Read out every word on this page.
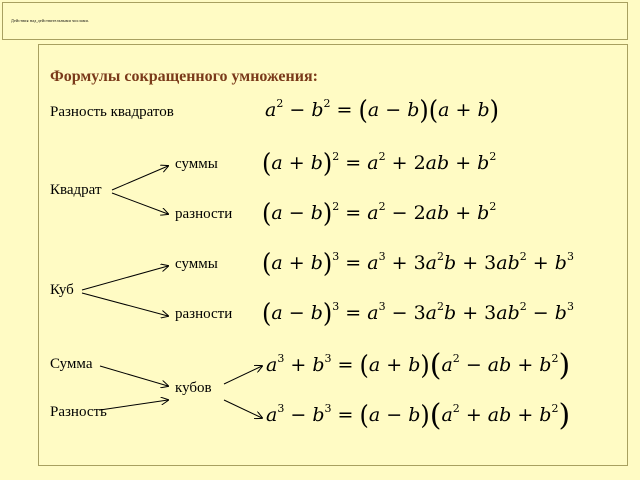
Действия над действительными числами.
Формулы сокращенного умножения:
Разность квадратов
Квадрат
Куб
Сумма
Разность
суммы
разности
суммы
разности
кубов
$a^2 - b^2 = (a - b)(a + b)$
$(a + b)^2 = a^2 + 2ab + b^2$
$(a - b)^2 = a^2 - 2ab + b^2$
$(a + b)^3 = a^3 + 3a^2b + 3ab^2 + b^3$
$(a - b)^3 = a^3 - 3a^2b + 3ab^2 - b^3$
$a^3 + b^3 = (a + b)(a^2$ − ab + $b^2$)
$a^3 - b^3 = (a - b)(a^2$ + ab + $b^2$)
